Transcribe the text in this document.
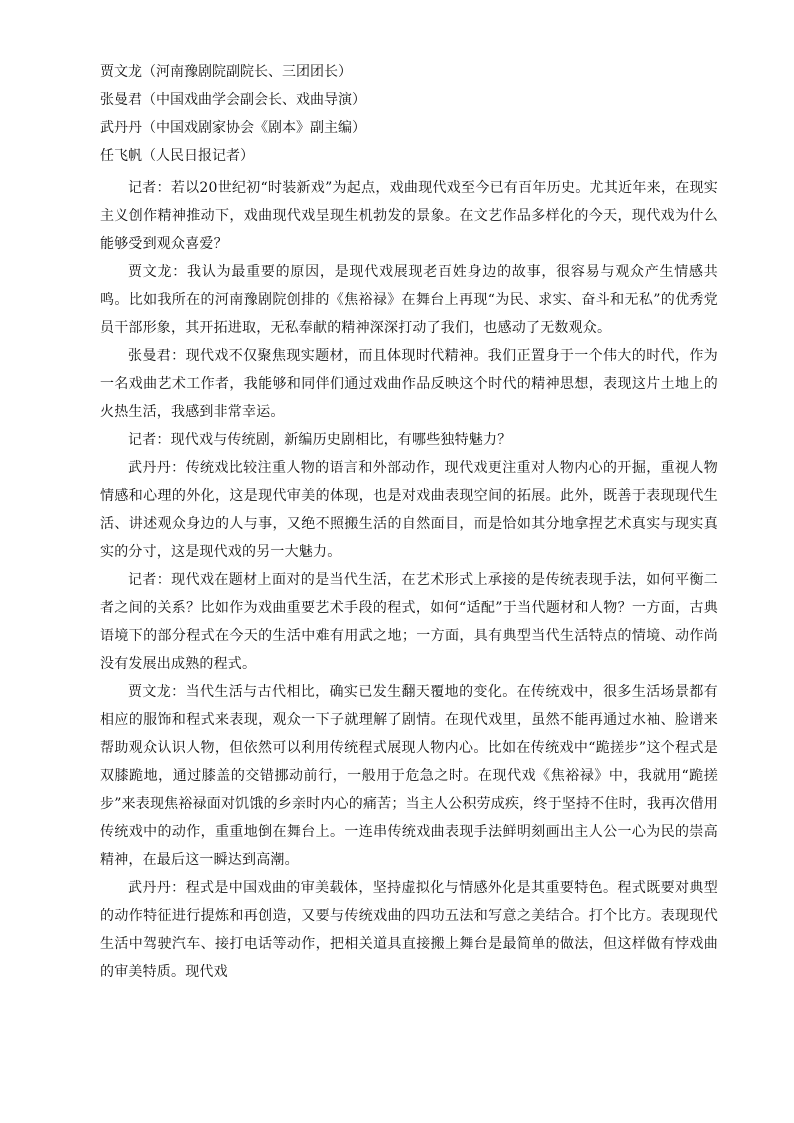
贾文龙（河南豫剧院副院长、三团团长）

张曼君（中国戏曲学会副会长、戏曲导演）

武丹丹（中国戏剧家协会《剧本》副主编）

任飞帆（人民日报记者）

记者：若以20世纪初“时装新戏”为起点，戏曲现代戏至今已有百年历史。尤其近年来，在现实主义创作精神推动下，戏曲现代戏呈现生机勃发的景象。在文艺作品多样化的今天，现代戏为什么能够受到观众喜爱？

贾文龙：我认为最重要的原因，是现代戏展现老百姓身边的故事，很容易与观众产生情感共鸣。比如我所在的河南豫剧院创排的《焦裕禄》在舞台上再现“为民、求实、奋斗和无私”的优秀党员干部形象，其开拓进取，无私奉献的精神深深打动了我们，也感动了无数观众。

张曼君：现代戏不仅聚焦现实题材，而且体现时代精神。我们正置身于一个伟大的时代，作为一名戏曲艺术工作者，我能够和同伴们通过戏曲作品反映这个时代的精神思想，表现这片土地上的火热生活，我感到非常幸运。

记者：现代戏与传统剧，新编历史剧相比，有哪些独特魅力？

武丹丹：传统戏比较注重人物的语言和外部动作，现代戏更注重对人物内心的开掘，重视人物情感和心理的外化，这是现代审美的体现，也是对戏曲表现空间的拓展。此外，既善于表现现代生活、讲述观众身边的人与事，又绝不照搬生活的自然面目，而是恰如其分地拿捏艺术真实与现实真实的分寸，这是现代戏的另一大魅力。

记者：现代戏在题材上面对的是当代生活，在艺术形式上承接的是传统表现手法，如何平衡二者之间的关系？比如作为戏曲重要艺术手段的程式，如何“适配”于当代题材和人物？一方面，古典语境下的部分程式在今天的生活中难有用武之地；一方面，具有典型当代生活特点的情境、动作尚没有发展出成熟的程式。

贾文龙：当代生活与古代相比，确实已发生翻天覆地的变化。在传统戏中，很多生活场景都有相应的服饰和程式来表现，观众一下子就理解了剧情。在现代戏里，虽然不能再通过水袖、脸谱来帮助观众认识人物，但依然可以利用传统程式展现人物内心。比如在传统戏中“跪搓步”这个程式是双膝跪地，通过膝盖的交错挪动前行，一般用于危急之时。在现代戏《焦裕禄》中，我就用“跪搓步”来表现焦裕禄面对饥饿的乡亲时内心的痛苦；当主人公积劳成疾，终于坚持不住时，我再次借用传统戏中的动作，重重地倒在舞台上。一连串传统戏曲表现手法鲜明刻画出主人公一心为民的崇高精神，在最后这一瞬达到高潮。

武丹丹：程式是中国戏曲的审美载体，坚持虚拟化与情感外化是其重要特色。程式既要对典型的动作特征进行提炼和再创造，又要与传统戏曲的四功五法和写意之美结合。打个比方。表现现代生活中驾驶汽车、接打电话等动作，把相关道具直接搬上舞台是最简单的做法，但这样做有悖戏曲的审美特质。现代戏
